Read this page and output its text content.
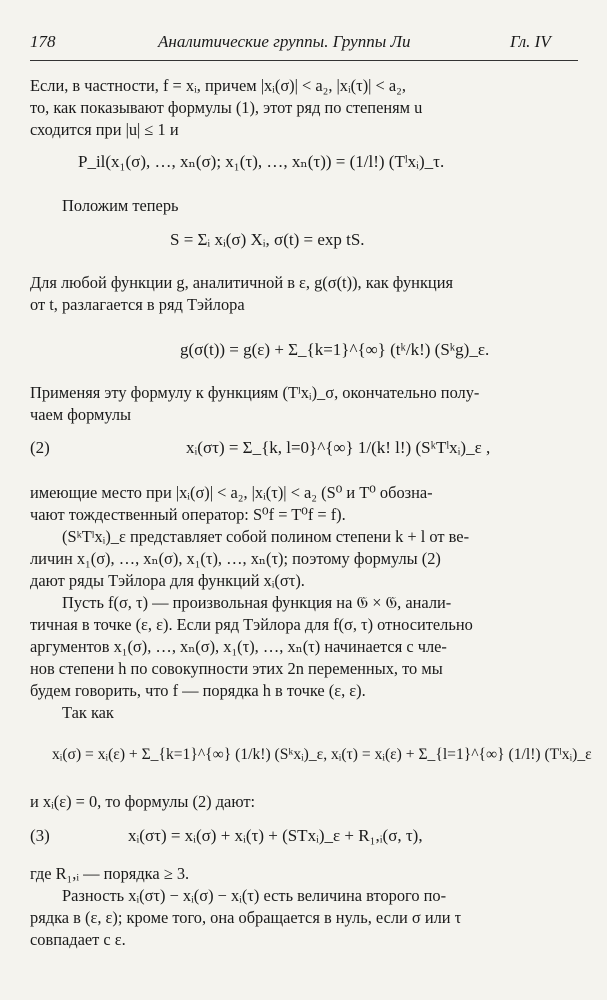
178	Аналитические группы. Группы Ли	Гл. IV
Если, в частности, f = xᵢ, причем |xᵢ(σ)| < a₂, |xᵢ(τ)| < a₂,
то, как показывают формулы (1), этот ряд по степеням u
сходится при |u| ≤ 1 и
P_il(x₁(σ), …, xₙ(σ); x₁(τ), …, xₙ(τ)) = (1/l!) (Tˡxᵢ)_τ.
Положим теперь
S = Σᵢ xᵢ(σ) Xᵢ, σ(t) = exp tS.
Для любой функции g, аналитичной в ε, g(σ(t)), как функция
от t, разлагается в ряд Тэйлора
g(σ(t)) = g(ε) + Σ_{k=1}^{∞} (tᵏ/k!) (Sᵏg)_ε.
Применяя эту формулу к функциям (Tˡxᵢ)_σ, окончательно полу-
чаем формулы
(2)	xᵢ(στ) = Σ_{k, l=0}^{∞} 1/(k! l!) (SᵏTˡxᵢ)_ε ,
имеющие место при |xᵢ(σ)| < a₂, |xᵢ(τ)| < a₂ (S⁰ и T⁰ обозна-
чают тождественный оператор: S⁰f = T⁰f = f).
(SᵏTˡxᵢ)_ε представляет собой полином степени k + l от ве-
личин x₁(σ), …, xₙ(σ), x₁(τ), …, xₙ(τ); поэтому формулы (2)
дают ряды Тэйлора для функций xᵢ(στ).
Пусть f(σ, τ) — произвольная функция на 𝔊 × 𝔊, анали-
тичная в точке (ε, ε). Если ряд Тэйлора для f(σ, τ) относительно
аргументов x₁(σ), …, xₙ(σ), x₁(τ), …, xₙ(τ) начинается с чле-
нов степени h по совокупности этих 2n переменных, то мы
будем говорить, что f — порядка h в точке (ε, ε).
Так как
xᵢ(σ) = xᵢ(ε) + Σ_{k=1}^{∞} (1/k!) (Sᵏxᵢ)_ε, xᵢ(τ) = xᵢ(ε) + Σ_{l=1}^{∞} (1/l!) (Tˡxᵢ)_ε
и xᵢ(ε) = 0, то формулы (2) дают:
(3)	xᵢ(στ) = xᵢ(σ) + xᵢ(τ) + (STxᵢ)_ε + R₁,ᵢ(σ, τ),
где R₁,ᵢ — порядка ≥ 3.
Разность xᵢ(στ) − xᵢ(σ) − xᵢ(τ) есть величина второго по-
рядка в (ε, ε); кроме того, она обращается в нуль, если σ или τ
совпадает с ε.
